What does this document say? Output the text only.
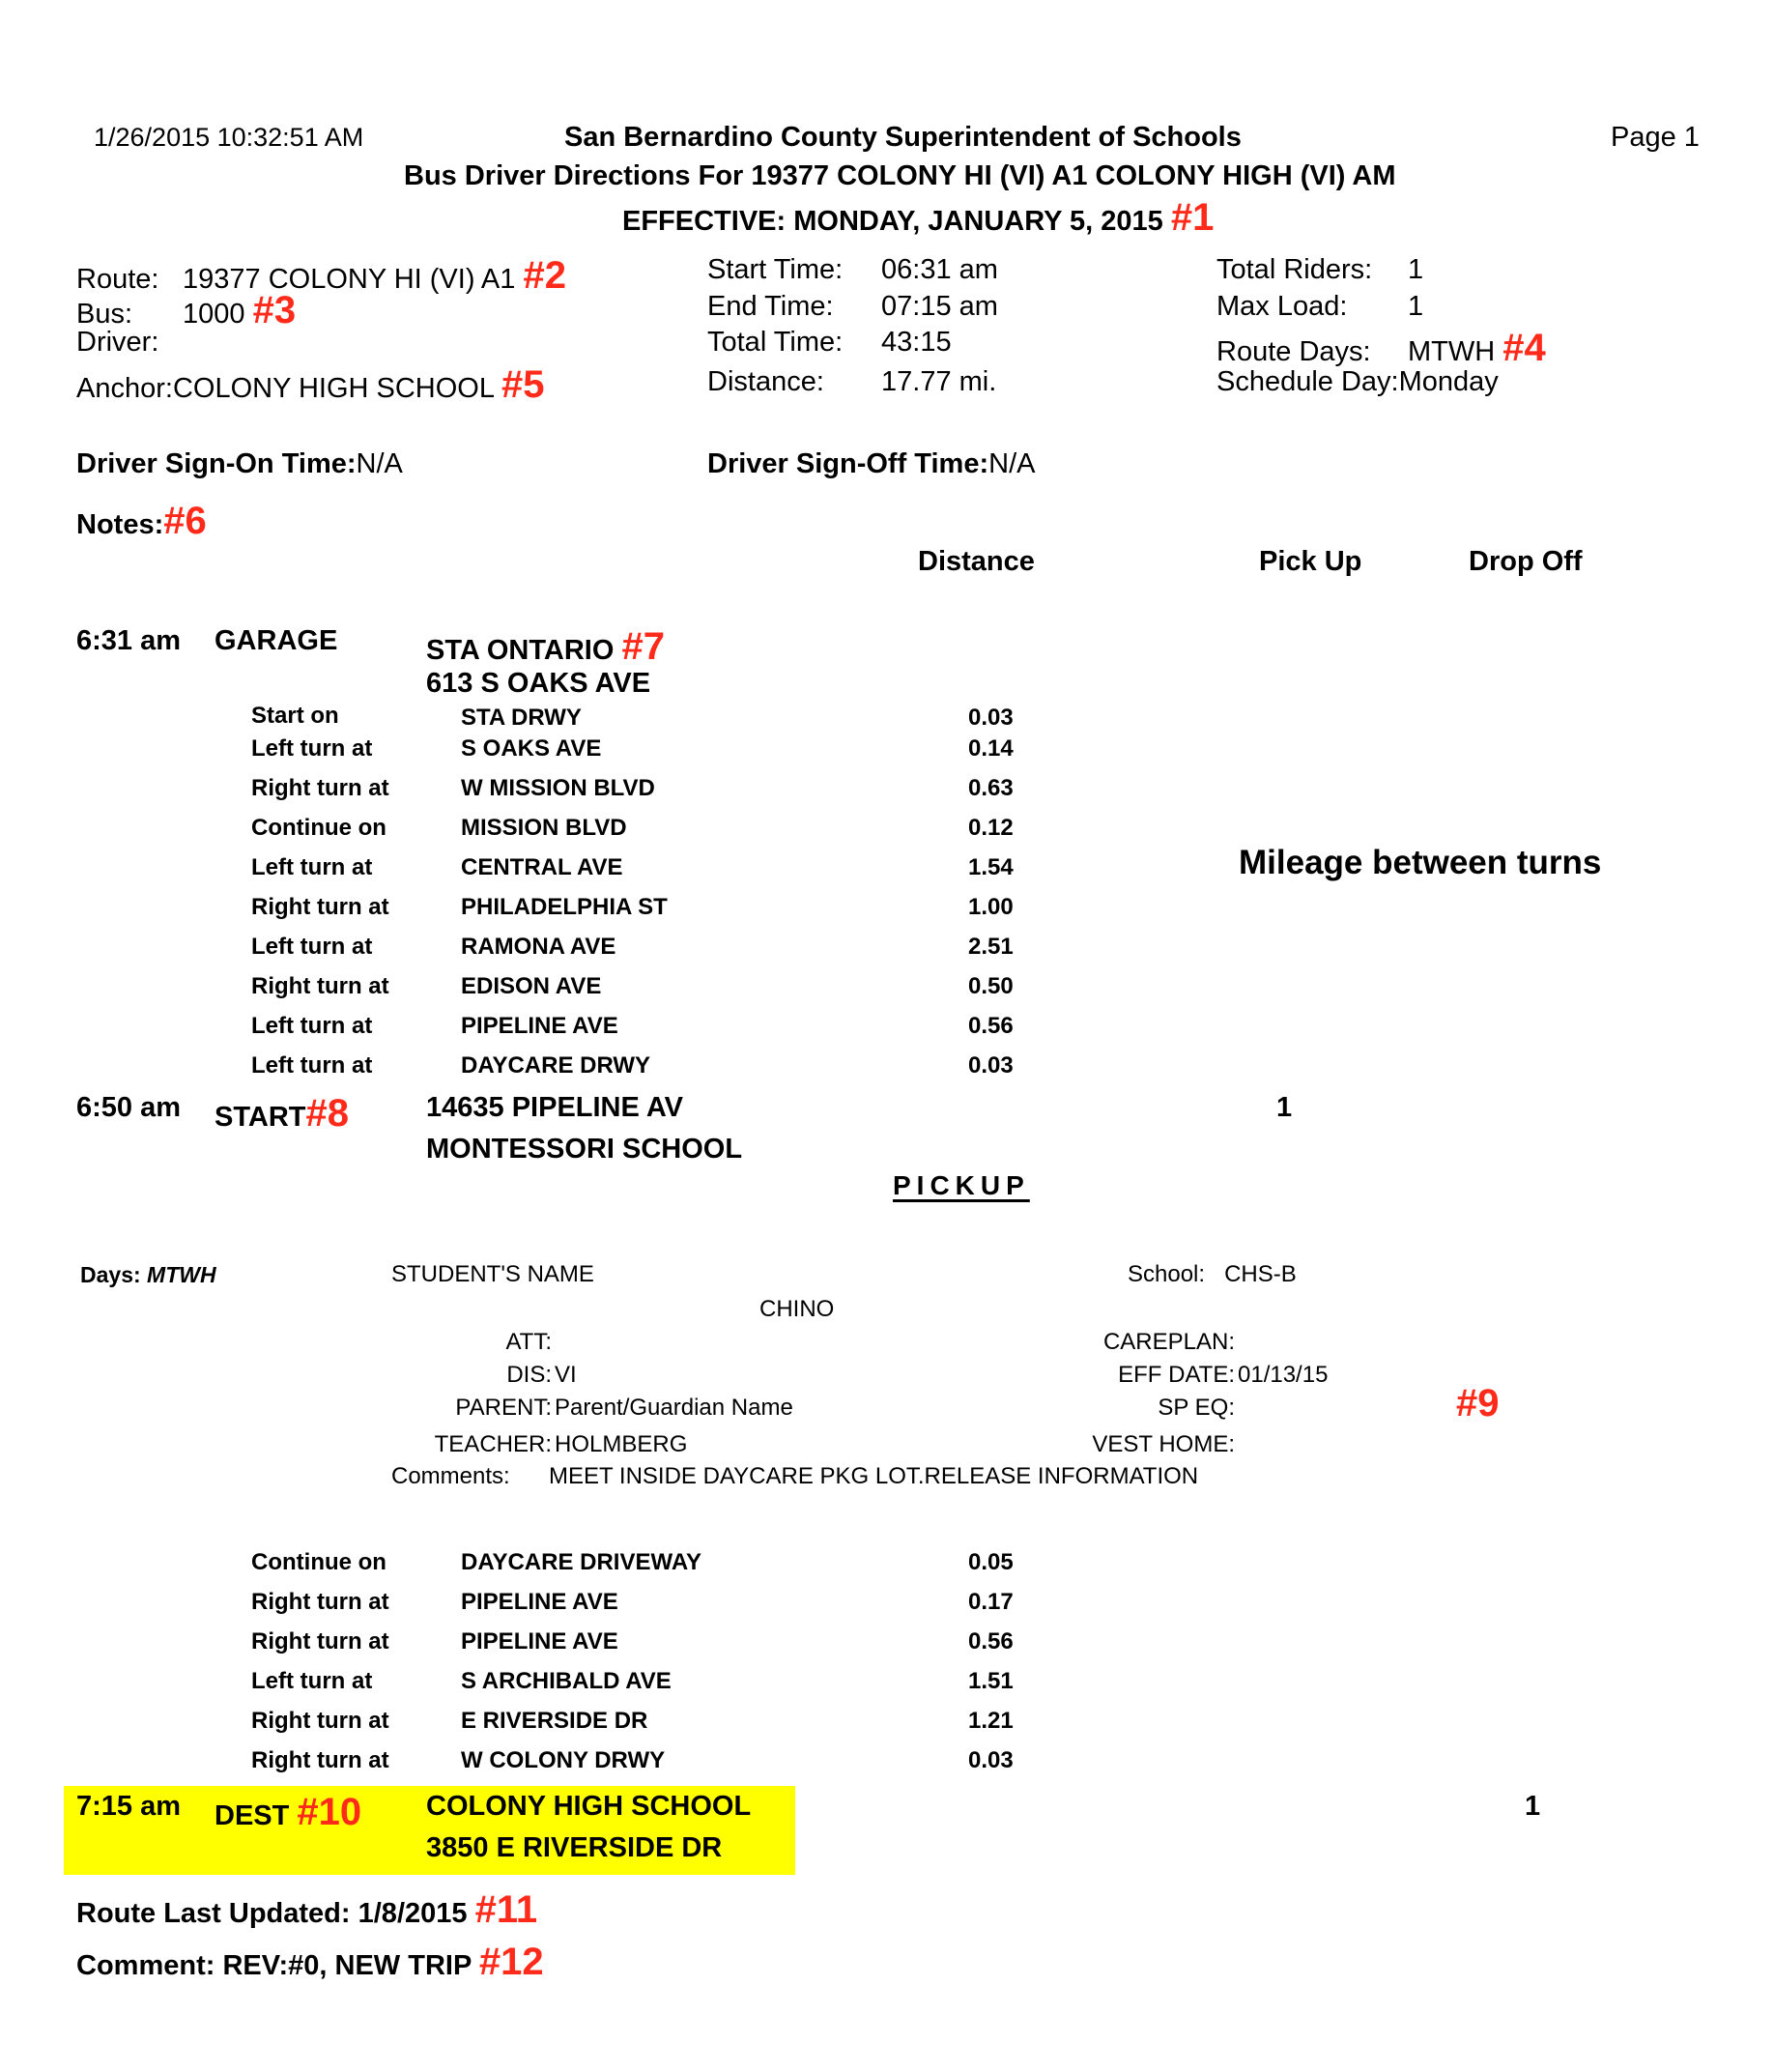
1/26/2015 10:32:51 AM	San Bernardino County Superintendent of Schools	Page 1
Bus Driver Directions For 19377 COLONY HI (VI) A1 COLONY HIGH (VI) AM
EFFECTIVE: MONDAY, JANUARY 5, 2015 #1
Route: 19377 COLONY HI (VI) A1 #2
Bus: 1000 #3
Driver:
Anchor:COLONY HIGH SCHOOL #5
Start Time: 06:31 am
End Time: 07:15 am
Total Time: 43:15
Distance: 17.77 mi.
Total Riders: 1
Max Load: 1
Route Days: MTWH #4
Schedule Day:Monday
Driver Sign-On Time:N/A	Driver Sign-Off Time:N/A
Notes:#6
Distance	Pick Up	Drop Off
6:31 am GARAGE	STA ONTARIO #7
613 S OAKS AVE
Start on	STA DRWY	0.03
Left turn at	S OAKS AVE	0.14
Right turn at	W MISSION BLVD	0.63
Continue on	MISSION BLVD	0.12
Left turn at	CENTRAL AVE	1.54
Right turn at	PHILADELPHIA ST	1.00
Left turn at	RAMONA AVE	2.51
Right turn at	EDISON AVE	0.50
Left turn at	PIPELINE AVE	0.56
Left turn at	DAYCARE DRWY	0.03
Mileage between turns
6:50 am START#8	14635 PIPELINE AV
MONTESSORI SCHOOL
1
PICKUP
Days: MTWH	STUDENT'S NAME	School: CHS-B
CHINO
ATT:
DIS: VI
PARENT: Parent/Guardian Name
TEACHER: HOLMBERG
Comments: MEET INSIDE DAYCARE PKG LOT.RELEASE INFORMATION
CAREPLAN:
EFF DATE: 01/13/15
SP EQ:
VEST HOME:
#9
Continue on	DAYCARE DRIVEWAY	0.05
Right turn at	PIPELINE AVE	0.17
Right turn at	PIPELINE AVE	0.56
Left turn at	S ARCHIBALD AVE	1.51
Right turn at	E RIVERSIDE DR	1.21
Right turn at	W COLONY DRWY	0.03
7:15 am DEST #10 COLONY HIGH SCHOOL
3850 E RIVERSIDE DR
1
Route Last Updated: 1/8/2015 #11
Comment: REV:#0, NEW TRIP #12
